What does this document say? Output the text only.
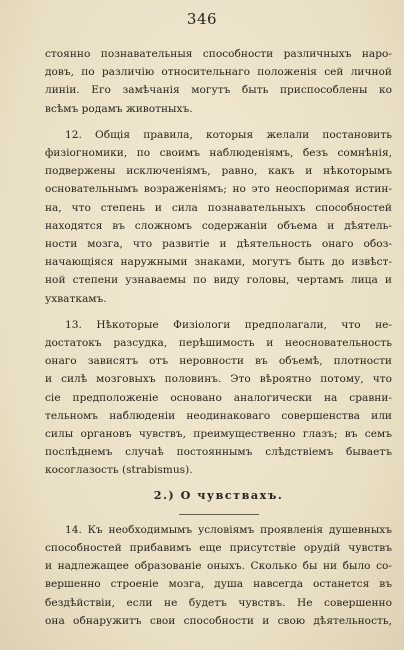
346
стоянно познавательныя способности различныхъ наро-
довъ, по различію относительнаго положенія сей личной
линіи. Его замѣчанія могутъ быть приспособлены ко
всѣмъ родамъ животныхъ.
12. Общія правила, которыя желали постановить
физіогномики, по своимъ наблюденіямъ, безъ сомнѣнія,
подвержены исключеніямъ, равно, какъ и нѣкоторымъ
основательнымъ возраженіямъ; но это неоспоримая истин-
на, что степень и сила познавательныхъ способностей
находятся въ сложномъ содержаніи объема и дѣятель-
ности мозга, что развитіе и дѣятельность онаго обоз-
начающіяся наружными знаками, могутъ быть до извѣст-
ной степени узнаваемы по виду головы, чертамъ лица и
ухваткамъ.
13. Нѣкоторые Физіологи предполагали, что не-
достатокъ разсудка, перѣшимость и неосновательность
онаго зависятъ отъ неровности въ объемѣ, плотности
и силѣ мозговыхъ половинъ. Это вѣроятно потому, что
сіе предположеніе основано аналогически на сравни-
тельномъ наблюденіи неодинаковаго совершенства или
силы органовъ чувствъ, преимущественно глазъ; въ семъ
послѣднемъ случаѣ постояннымъ слѣдствіемъ бываетъ
косоглазость (strabismus).
2.) О чувствахъ.
14. Къ необходимымъ условіямъ проявленія душевныхъ
способностей прибавимъ еще присутствіе орудій чувствъ
и надлежащее образованіе оныхъ. Сколько бы ни было со-
вершенно строеніе мозга, душа навсегда останется въ
бездѣйствіи, если не будетъ чувствъ. Не совершенно
она обнаружитъ свои способности и свою дѣятельность,
